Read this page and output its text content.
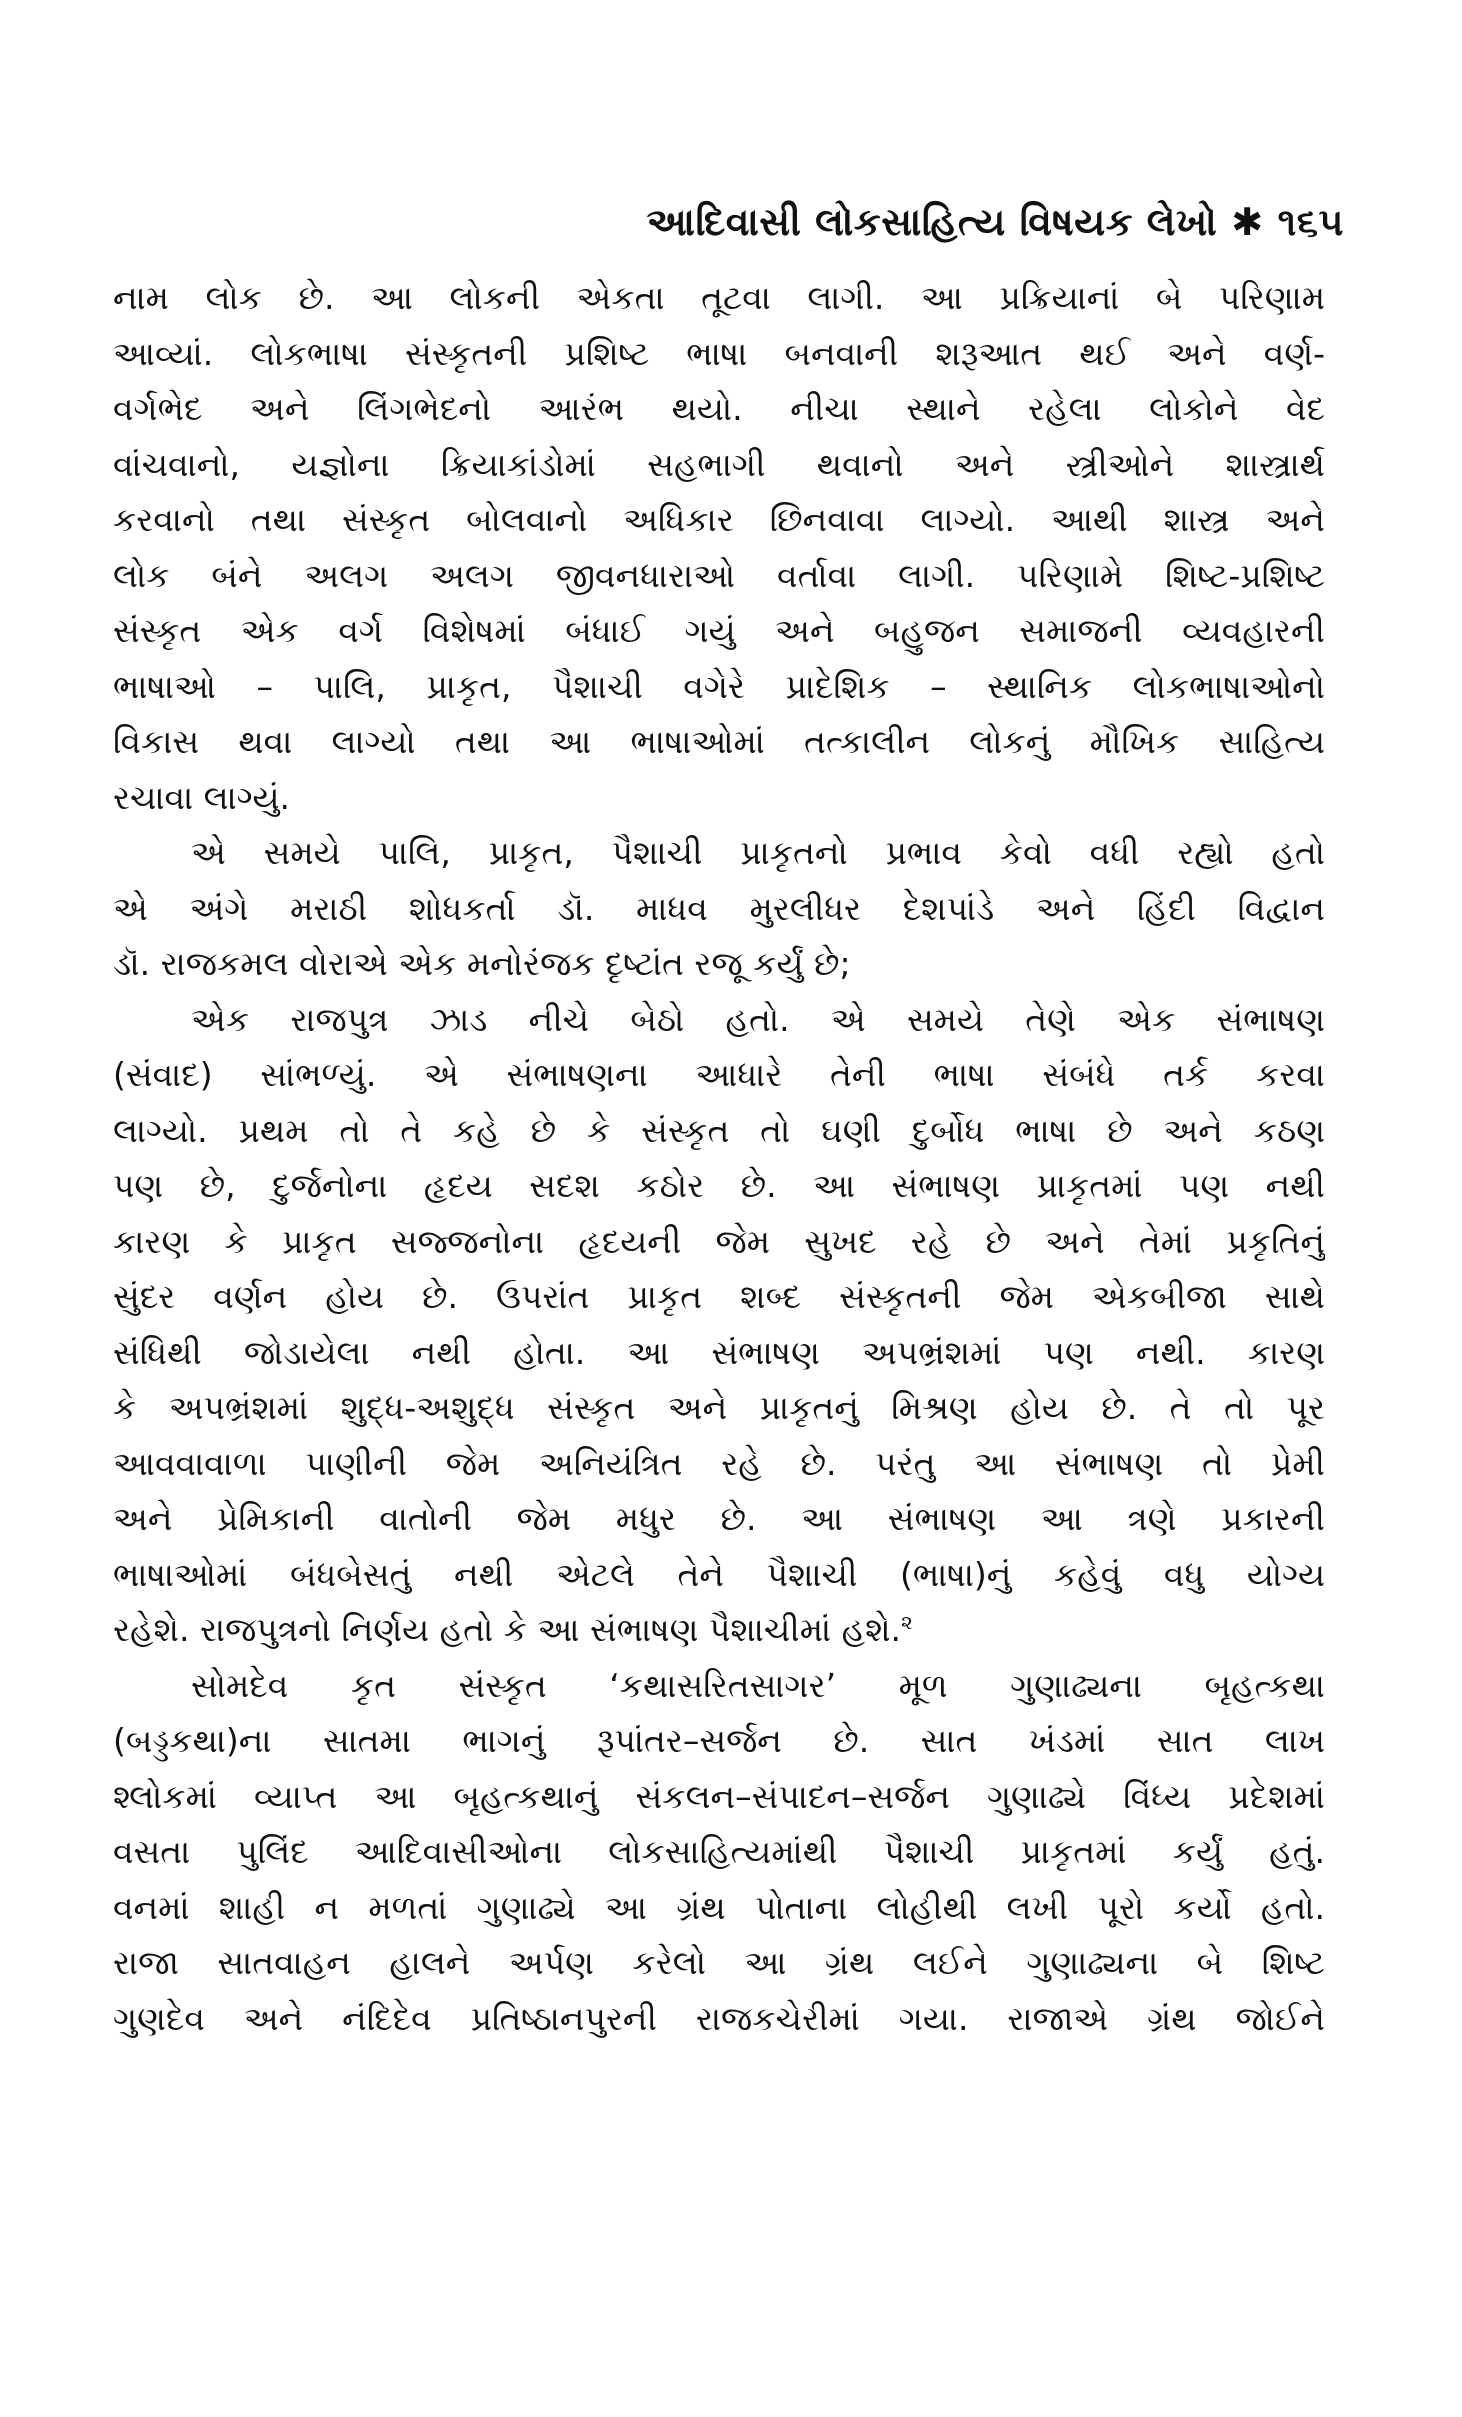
આદિવાસી લોકસાહિત્ય વિષયક લેખો ✱ ૧૬૫
નામ લોક છે. આ લોકની એકતા તૂટવા લાગી. આ પ્રક્રિયાનાં બે પરિણામ
આવ્યાં. લોકભાષા સંસ્કૃતની પ્રશિષ્ટ ભાષા બનવાની શરૂઆત થઈ અને વર્ણ-
વર્ગભેદ અને લિંગભેદનો આરંભ થયો. નીચા સ્થાને રહેલા લોકોને વેદ
વાંચવાનો, યજ્ઞોના ક્રિયાકાંડોમાં સહભાગી થવાનો અને સ્ત્રીઓને શાસ્ત્રાર્થ
કરવાનો તથા સંસ્કૃત બોલવાનો અધિકાર છિનવાવા લાગ્યો. આથી શાસ્ત્ર અને
લોક બંને અલગ અલગ જીવનધારાઓ વર્તાવા લાગી. પરિણામે શિષ્ટ-પ્રશિષ્ટ
સંસ્કૃત એક વર્ગ વિશેષમાં બંધાઈ ગયું અને બહુજન સમાજની વ્યવહારની
ભાષાઓ – પાલિ, પ્રાકૃત, પૈશાચી વગેરે પ્રાદેશિક – સ્થાનિક લોકભાષાઓનો
વિકાસ થવા લાગ્યો તથા આ ભાષાઓમાં તત્કાલીન લોકનું મૌખિક સાહિત્ય
રચાવા લાગ્યું.
એ સમયે પાલિ, પ્રાકૃત, પૈશાચી પ્રાકૃતનો પ્રભાવ કેવો વધી રહ્યો હતો
એ અંગે મરાઠી શોધકર્તા ડૉ. માધવ મુરલીધર દેશપાંડે અને હિંદી વિદ્વાન
ડૉ. રાજકમલ વોરાએ એક મનોરંજક દૃષ્ટાંત રજૂ કર્યું છે;
એક રાજપુત્ર ઝાડ નીચે બેઠો હતો. એ સમયે તેણે એક સંભાષણ
(સંવાદ) સાંભળ્યું. એ સંભાષણના આધારે તેની ભાષા સંબંધે તર્ક કરવા
લાગ્યો. પ્રથમ તો તે કહે છે કે સંસ્કૃત તો ઘણી દુર્બોધ ભાષા છે અને કઠણ
પણ છે, દુર્જનોના હૃદય સદશ કઠોર છે. આ સંભાષણ પ્રાકૃતમાં પણ નથી
કારણ કે પ્રાકૃત સજ્જનોના હૃદયની જેમ સુખદ રહે છે અને તેમાં પ્રકૃતિનું
સુંદર વર્ણન હોય છે. ઉપરાંત પ્રાકૃત શબ્દ સંસ્કૃતની જેમ એકબીજા સાથે
સંધિથી જોડાયેલા નથી હોતા. આ સંભાષણ અપભ્રંશમાં પણ નથી. કારણ
કે અપભ્રંશમાં શુદ્ધ-અશુદ્ધ સંસ્કૃત અને પ્રાકૃતનું મિશ્રણ હોય છે. તે તો પૂર
આવવાવાળા પાણીની જેમ અનિયંત્રિત રહે છે. પરંતુ આ સંભાષણ તો પ્રેમી
અને પ્રેમિકાની વાતોની જેમ મધુર છે. આ સંભાષણ આ ત્રણે પ્રકારની
ભાષાઓમાં બંધબેસતું નથી એટલે તેને પૈશાચી (ભાષા)નું કહેવું વધુ યોગ્ય
રહેશે. રાજપુત્રનો નિર્ણય હતો કે આ સંભાષણ પૈશાચીમાં હશે.$^૨$
સોમદેવ કૃત સંસ્કૃત ‘કથાસરિતસાગર’ મૂળ ગુણાઢ્યના બૃહત્કથા
(બડ્ડકથા)ના સાતમા ભાગનું રૂપાંતર–સર્જન છે. સાત ખંડમાં સાત લાખ
શ્લોકમાં વ્યાપ્ત આ બૃહત્કથાનું સંકલન–સંપાદન–સર્જન ગુણાઢ્યે વિંધ્ય પ્રદેશમાં
વસતા પુલિંદ આદિવાસીઓના લોકસાહિત્યમાંથી પૈશાચી પ્રાકૃતમાં કર્યું હતું.
વનમાં શાહી ન મળતાં ગુણાઢ્યે આ ગ્રંથ પોતાના લોહીથી લખી પૂરો કર્યો હતો.
રાજા સાતવાહન હાલને અર્પણ કરેલો આ ગ્રંથ લઈને ગુણાઢ્યના બે શિષ્ટ
ગુણદેવ અને નંદિદેવ પ્રતિષ્ઠાનપુરની રાજકચેરીમાં ગયા. રાજાએ ગ્રંથ જોઈને
